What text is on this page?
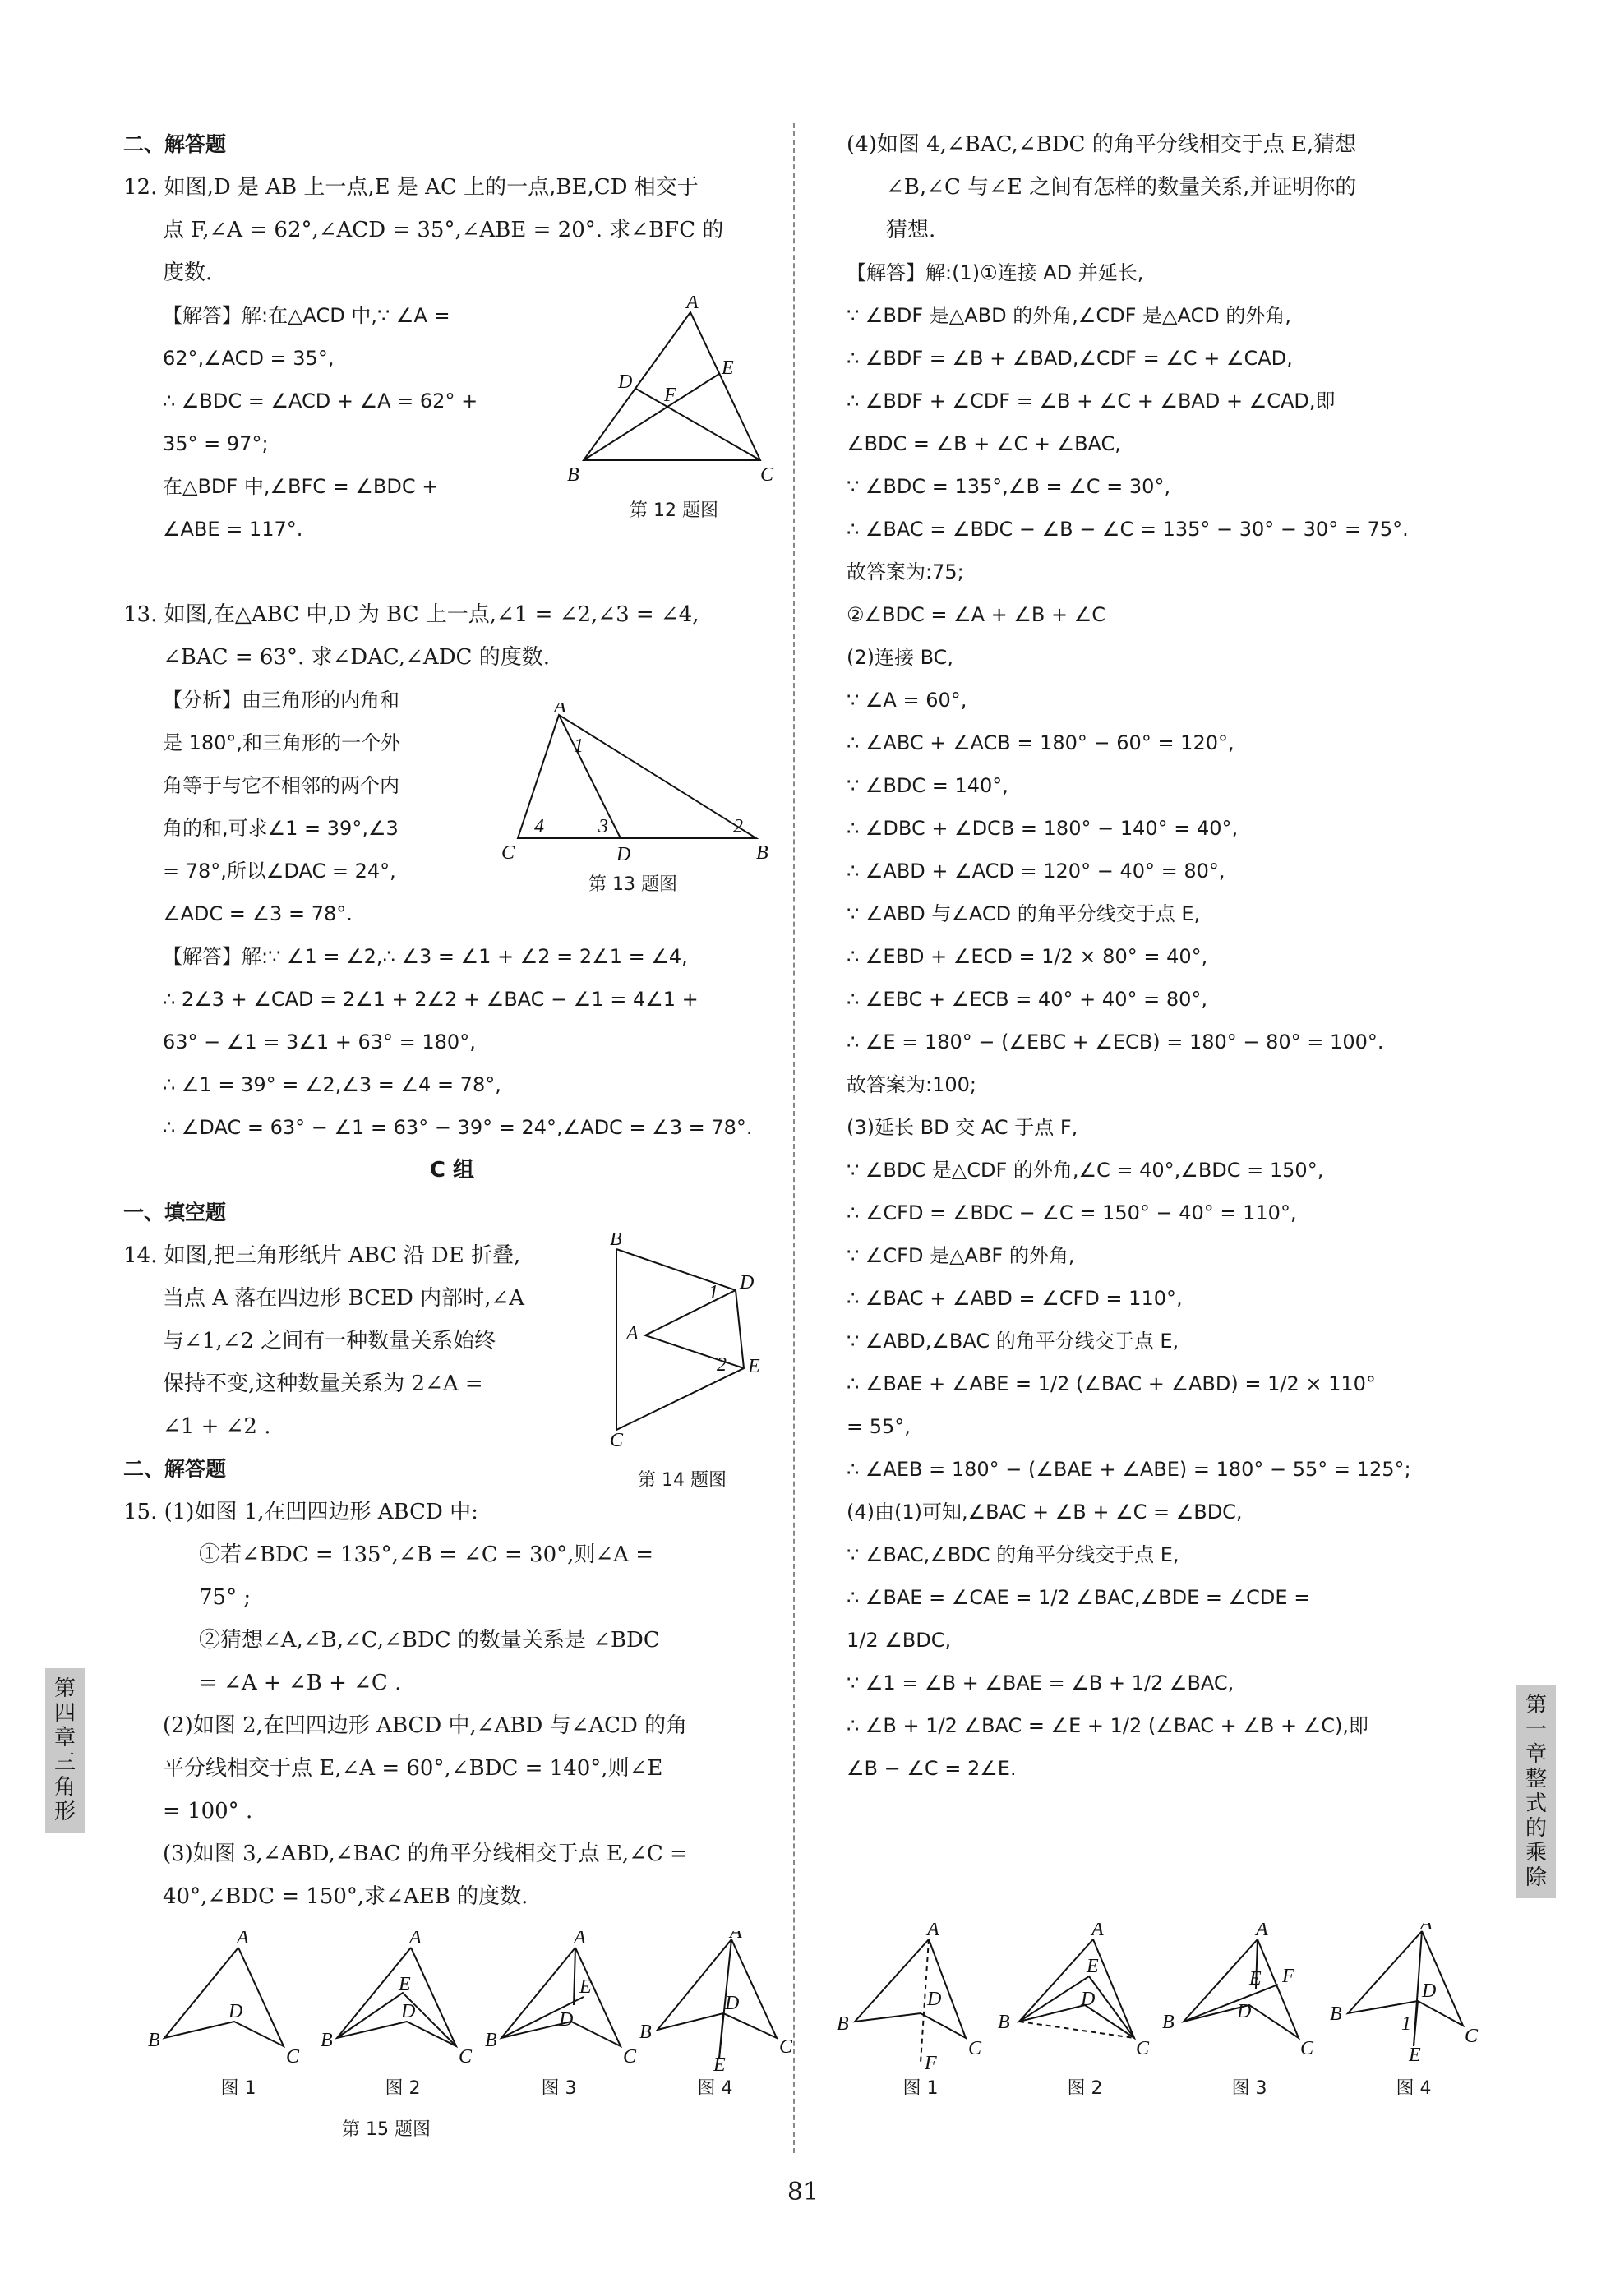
二、解答题
12. 如图,D 是 AB 上一点,E 是 AC 上的一点,BE,CD 相交于
点 F,∠A = 62°,∠ACD = 35°,∠ABE = 20°. 求∠BFC 的
度数.
【解答】解:在△ACD 中,∵ ∠A =
62°,∠ACD = 35°,
∴ ∠BDC = ∠ACD + ∠A = 62° +
35° = 97°;
在△BDF 中,∠BFC = ∠BDC +
∠ABE = 117°.

13. 如图,在△ABC 中,D 为 BC 上一点,∠1 = ∠2,∠3 = ∠4,
∠BAC = 63°. 求∠DAC,∠ADC 的度数.
【分析】由三角形的内角和
是 180°,和三角形的一个外
角等于与它不相邻的两个内
角的和,可求∠1 = 39°,∠3
= 78°,所以∠DAC = 24°,
∠ADC = ∠3 = 78°.
【解答】解:∵ ∠1 = ∠2,∴ ∠3 = ∠1 + ∠2 = 2∠1 = ∠4,
∴ 2∠3 + ∠CAD = 2∠1 + 2∠2 + ∠BAC − ∠1 = 4∠1 +
63° − ∠1 = 3∠1 + 63° = 180°,
∴ ∠1 = 39° = ∠2,∠3 = ∠4 = 78°,
∴ ∠DAC = 63° − ∠1 = 63° − 39° = 24°,∠ADC = ∠3 = 78°.
C 组
一、填空题
14. 如图,把三角形纸片 ABC 沿 DE 折叠,
当点 A 落在四边形 BCED 内部时,∠A
与∠1,∠2 之间有一种数量关系始终
保持不变,这种数量关系为 2∠A =
∠1 + ∠2 .
二、解答题
15. (1)如图 1,在凹四边形 ABCD 中:
①若∠BDC = 135°,∠B = ∠C = 30°,则∠A =
75° ;
②猜想∠A,∠B,∠C,∠BDC 的数量关系是 ∠BDC
= ∠A + ∠B + ∠C .
(2)如图 2,在凹四边形 ABCD 中,∠ABD 与∠ACD 的角
平分线相交于点 E,∠A = 60°,∠BDC = 140°,则∠E
= 100° .
(3)如图 3,∠ABD,∠BAC 的角平分线相交于点 E,∠C =
40°,∠BDC = 150°,求∠AEB 的度数.
(4)如图 4,∠BAC,∠BDC 的角平分线相交于点 E,猜想
∠B,∠C 与∠E 之间有怎样的数量关系,并证明你的
猜想.
【解答】解:(1)①连接 AD 并延长,
∵ ∠BDF 是△ABD 的外角,∠CDF 是△ACD 的外角,
∴ ∠BDF = ∠B + ∠BAD,∠CDF = ∠C + ∠CAD,
∴ ∠BDF + ∠CDF = ∠B + ∠C + ∠BAD + ∠CAD,即
∠BDC = ∠B + ∠C + ∠BAC,
∵ ∠BDC = 135°,∠B = ∠C = 30°,
∴ ∠BAC = ∠BDC − ∠B − ∠C = 135° − 30° − 30° = 75°.
故答案为:75;
②∠BDC = ∠A + ∠B + ∠C
(2)连接 BC,
∵ ∠A = 60°,
∴ ∠ABC + ∠ACB = 180° − 60° = 120°,
∵ ∠BDC = 140°,
∴ ∠DBC + ∠DCB = 180° − 140° = 40°,
∴ ∠ABD + ∠ACD = 120° − 40° = 80°,
∵ ∠ABD 与∠ACD 的角平分线交于点 E,
∴ ∠EBD + ∠ECD = 1/2 × 80° = 40°,
∴ ∠EBC + ∠ECB = 40° + 40° = 80°,
∴ ∠E = 180° − (∠EBC + ∠ECB) = 180° − 80° = 100°.
故答案为:100;
(3)延长 BD 交 AC 于点 F,
∵ ∠BDC 是△CDF 的外角,∠C = 40°,∠BDC = 150°,
∴ ∠CFD = ∠BDC − ∠C = 150° − 40° = 110°,
∵ ∠CFD 是△ABF 的外角,
∴ ∠BAC + ∠ABD = ∠CFD = 110°,
∵ ∠ABD,∠BAC 的角平分线交于点 E,
∴ ∠BAE + ∠ABE = 1/2 (∠BAC + ∠ABD) = 1/2 × 110°
= 55°,
∴ ∠AEB = 180° − (∠BAE + ∠ABE) = 180° − 55° = 125°;
(4)由(1)可知,∠BAC + ∠B + ∠C = ∠BDC,
∵ ∠BAC,∠BDC 的角平分线交于点 E,
∴ ∠BAE = ∠CAE = 1/2 ∠BAC,∠BDE = ∠CDE =
1/2 ∠BDC,
∵ ∠1 = ∠B + ∠BAE = ∠B + 1/2 ∠BAC,
∴ ∠B + 1/2 ∠BAC = ∠E + 1/2 (∠BAC + ∠B + ∠C),即
∠B − ∠C = 2∠E.
A
B	C
D
E
F
第 12 题图
A
C	B
D
1
2
3
4
第 13 题图
B
D
E
C
A
1
2
第 14 题图
A
B
D
C
A
B
E
D
C
A
B
E
D
C
A
B
D
E
C
图 1	图 2	图 3	图 4
第 15 题图
A
B
D
F
C
A
B
E
D
C
A
B
E F
D
C
A
B
D
1
E
C
图 1	图 2	图 3	图 4
第四章 三角形
第一章 整式的乘除
81
